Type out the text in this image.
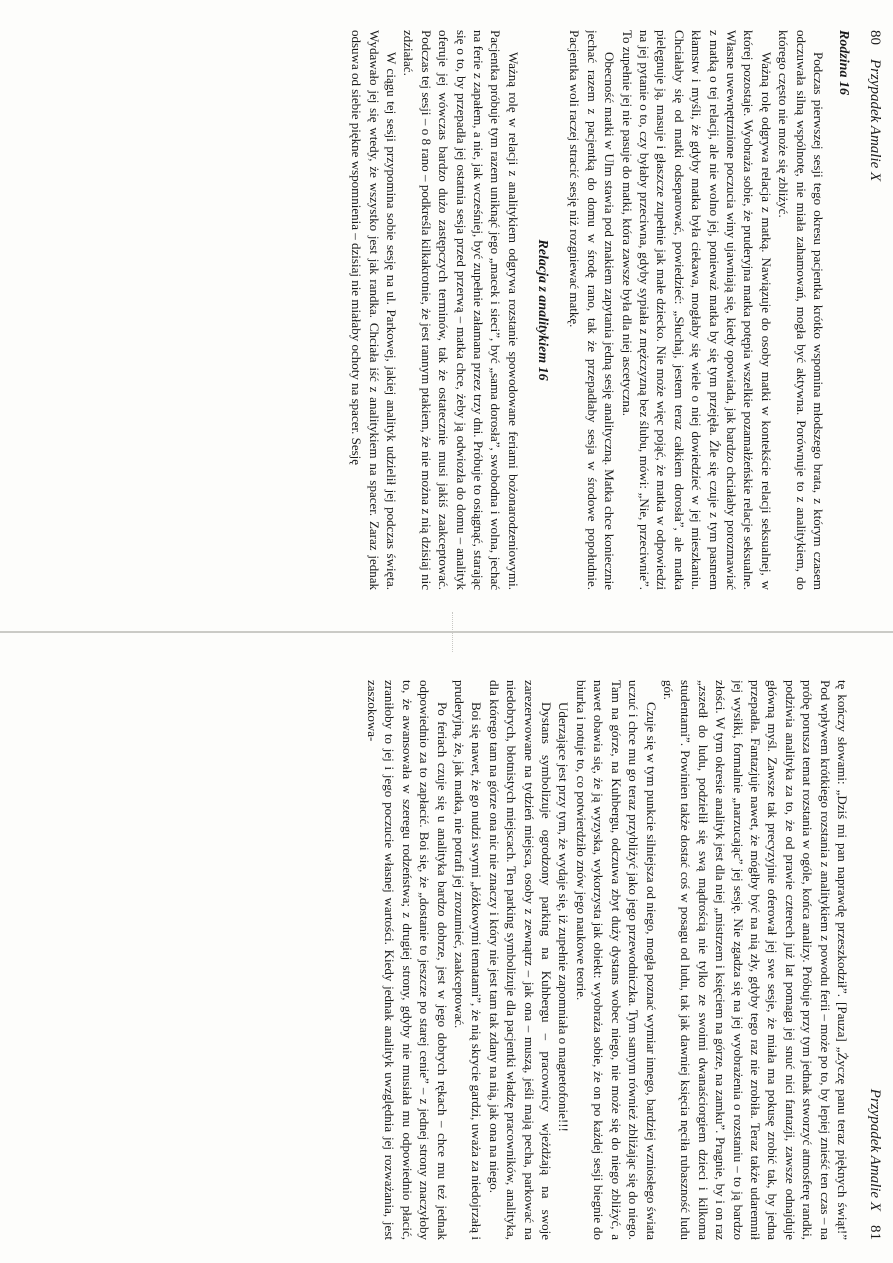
80
Przypadek Amalie X
Rodzina 16

Podczas pierwszej sesji tego okresu pacjentka krótko wspomina młodszego brata, z którym czasem odczuwała silną wspólnotę, nie miała zahamowań, mogła być aktywna. Porównuje to z analitykiem, do którego często nie może się zbliżyć.

Ważną rolę odgrywa relacja z matką. Nawiązuje do osoby matki w kontekście relacji seksualnej, w której pozostaje. Wyobraża sobie, że pruderyjna matka potępia wszelkie pozamałżeńskie relacje seksualne. Własne uwewnętrznione poczucia winy ujawniają się, kiedy opowiada, jak bardzo chciałaby porozmawiać z matką o tej relacji, ale nie wolno jej, ponieważ matka by się tym przejęła. Źle się czuje z tym pasmem kłamstw i myśli, że gdyby matka była ciekawa, mogłaby się wiele o niej dowiedzieć w jej mieszkaniu. Chciałaby się od matki odseparować, powiedzieć: „Słuchaj, jestem teraz całkiem dorosła”, ale matka pielęgnuje ją, masuje i głaszcze zupełnie jak małe dziecko. Nie może więc pojąć, że matka w odpowiedzi na jej pytanie o to, czy byłaby przeciwna, gdyby sypiała z mężczyzną bez ślubu, mówi: „Nie, przeciwnie”. To zupełnie jej nie pasuje do matki, która zawsze była dla niej ascetyczna.

Obecność matki w Ulm stawia pod znakiem zapytania jedną sesję analityczną. Matka chce koniecznie jechać razem z pacjentką do domu w środę rano, tak że przepadłaby sesja w środowe popołudnie. Pacjentka woli raczej stracić sesję niż rozgniewać matkę.

Relacja z analitykiem 16

Ważną rolę w relacji z analitykiem odgrywa rozstanie spowodowane feriami bożonarodzeniowymi. Pacjentka próbuje tym razem uniknąć jego „macek i sieci”, być „sama dorosła”, swobodna i wolna, jechać na ferie z zapałem, a nie, jak wcześniej, być zupełnie załamana przez trzy dni. Próbuje to osiągnąć, starając się o to, by przepadła jej ostatnia sesja przed przerwą – matka chce, żeby ją odwiozła do domu – analityk oferuje jej wówczas bardzo dużo zastępczych terminów, tak że ostatecznie musi jakiś zaakceptować. Podczas tej sesji – o 8 rano – podkreśla kilkakrotnie, że jest rannym ptakiem, że nie można z nią dzisiaj nic zdziałać.

W ciągu tej sesji przypomina sobie sesję na ul. Parkowej, jakiej analityk udzielił jej podczas święta. Wydawało jej się wtedy, że wszystko jest jak randka. Chciała iść z analitykiem na spacer. Zaraz jednak odsuwa od siebie piękne wspomnienia – dzisiaj nie miałaby ochoty na spacer. Sesję

Przypadek Amalie X
81

tę kończy słowami: „Dziś mi pan naprawdę przeszkodził”. [Pauza] „Życzę panu teraz pięknych świąt!” Pod wpływem krótkiego rozstania z analitykiem z powodu ferii – może po to, by lepiej znieść ten czas – na próbę porusza temat rozstania w ogóle, końca analizy. Próbuje przy tym jednak stworzyć atmosferę randki, podziwia analityka za to, że od prawie czterech już lat pomaga jej snuć nici fantazji, zawsze odnajduje główną myśl. Zawsze tak precyzyjnie oferował jej swe sesje, że miała ma pokusę zrobić tak, by jedna przepadła. Fantazjuje nawet, że mógłby być na nią zły, gdyby tego raz nie zrobiła. Teraz także udaremnił jej wysiłki, formalnie „narzucając” jej sesję. Nie zgadza się na jej wyobrażenia o rozstaniu – to ją bardzo złości. W tym okresie analityk jest dla niej „mistrzem i księciem na górze, na zamku”. Pragnie, by i on raz „zszedł do ludu, podzielił się swą mądrością nie tylko ze swoimi dwanaściorgiem dzieci i kilkoma studentami”. Powinien także dostać coś w posagu od ludu, tak jak dawniej księcia nęciła rubaszność ludu gór.

Czuje się w tym punkcie silniejsza od niego, mogła poznać wymiar innego, bardziej wzniosłego świata uczuć i chce mu go teraz przybliżyć jako jego przewodniczka. Tym samym również zbliżając się do niego. Tam na górze, na Kuhbergu, odczuwa zbyt duży dystans wobec niego, nie może się do niego zbliżyć, a nawet obawia się, że ją wyzyska, wykorzysta jak obiekt: wyobraża sobie, że on po każdej sesji biegnie do biurka i notuje to, co potwierdziło znów jego naukowe teorie.

Uderzające jest przy tym, że wydaje się, iż zupełnie zapomniała o magnetofonie!!!

Dystans symbolizuje ogrodzony parking na Kuhbergu – pracownicy wjeżdżają na swoje zarezerwowane na tydzień miejsca, osoby z zewnątrz – jak ona – muszą, jeśli mają pecha, parkować na niedobrych, błotnistych miejscach. Ten parking symbolizuje dla pacjentki władzę pracowników, analityka, dla którego tam na górze ona nic nie znaczy i który nie jest tam tak zdany na nią, jak ona na niego.

Boi się nawet, że go nudzi swymi „łóżkowymi tematami”, że nią skrycie gardzi, uważa za niedojrzałą i pruderyjną, że, jak matka, nie potrafi jej zrozumieć, zaakceptować.

Po feriach czuje się u analityka bardzo dobrze, jest w jego dobrych rękach – chce mu też jednak odpowiednio za to zapłacić. Boi się, że „dostanie to jeszcze po starej cenie” – z jednej strony znaczyłoby to, że awansowała w szeregu rodzeństwa; z drugiej strony, gdyby nie musiała mu odpowiednio płacić, zraniłoby to jej i jego poczucie własnej wartości. Kiedy jednak analityk uwzględnia jej rozważania, jest zaszokowa-
